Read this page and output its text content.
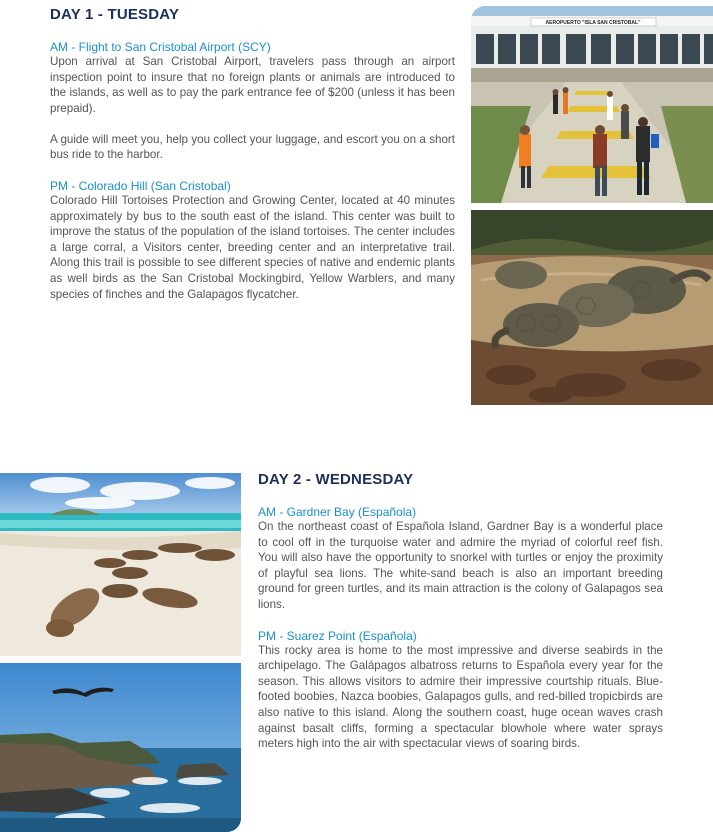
DAY 1 - TUESDAY
AM - Flight to San Cristobal Airport (SCY)

Upon arrival at San Cristobal Airport, travelers pass through an airport inspection point to insure that no foreign plants or animals are introduced to the islands, as well as to pay the park entrance fee of $200 (unless it has been prepaid).

A guide will meet you, help you collect your luggage, and escort you on a short bus ride to the harbor.

PM - Colorado Hill (San Cristobal)

Colorado Hill Tortoises Protection and Growing Center, located at 40 minutes approximately by bus to the south east of the island. This center was built to improve the status of the population of the island tortoises. The center includes a large corral, a Visitors center, breeding center and an interpretative trail. Along this trail is possible to see different species of native and endemic plants as well birds as the San Cristobal Mockingbird, Yellow Warblers, and many species of finches and the Galapagos flycatcher.

DAY 2 - WEDNESDAY
AM - Gardner Bay (Española)

On the northeast coast of Española Island, Gardner Bay is a wonderful place to cool off in the turquoise water and admire the myriad of colorful reef fish. You will also have the opportunity to snorkel with turtles or enjoy the proximity of playful sea lions. The white-sand beach is also an important breeding ground for green turtles, and its main attraction is the colony of Galapagos sea lions.

PM - Suarez Point (Española)

This rocky area is home to the most impressive and diverse seabirds in the archipelago. The Galápagos albatross returns to Española every year for the season. This allows visitors to admire their impressive courtship rituals. Blue-footed boobies, Nazca boobies, Galapagos gulls, and red-billed tropicbirds are also native to this island. Along the southern coast, huge ocean waves crash against basalt cliffs, forming a spectacular blowhole where water sprays meters high into the air with spectacular views of soaring birds.

AEROPUERTO "ISLA SAN CRISTOBAL"
